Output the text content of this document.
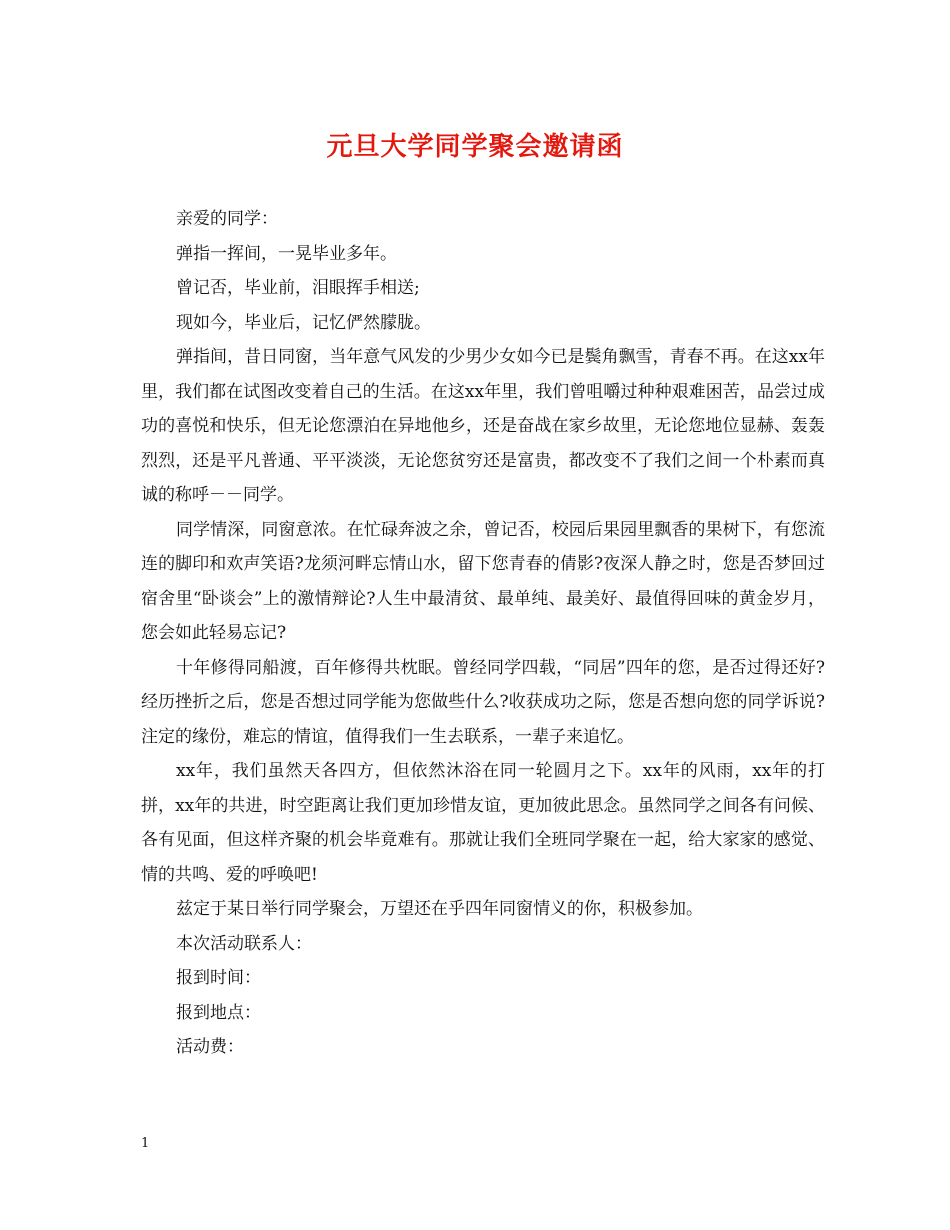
元旦大学同学聚会邀请函

亲爱的同学：

弹指一挥间，一晃毕业多年。

曾记否，毕业前，泪眼挥手相送;

现如今，毕业后，记忆俨然朦胧。

弹指间，昔日同窗，当年意气风发的少男少女如今已是鬓角飘雪，青春不再。在这xx年里，我们都在试图改变着自己的生活。在这xx年里，我们曾咀嚼过种种艰难困苦，品尝过成功的喜悦和快乐，但无论您漂泊在异地他乡，还是奋战在家乡故里，无论您地位显赫、轰轰烈烈，还是平凡普通、平平淡淡，无论您贫穷还是富贵，都改变不了我们之间一个朴素而真诚的称呼－－同学。

同学情深，同窗意浓。在忙碌奔波之余，曾记否，校园后果园里飘香的果树下，有您流连的脚印和欢声笑语?龙须河畔忘情山水，留下您青春的倩影?夜深人静之时，您是否梦回过宿舍里“卧谈会”上的激情辩论?人生中最清贫、最单纯、最美好、最值得回味的黄金岁月，您会如此轻易忘记?

十年修得同船渡，百年修得共枕眠。曾经同学四载，“同居”四年的您，是否过得还好?经历挫折之后，您是否想过同学能为您做些什么?收获成功之际，您是否想向您的同学诉说?注定的缘份，难忘的情谊，值得我们一生去联系，一辈子来追忆。

xx年，我们虽然天各四方，但依然沐浴在同一轮圆月之下。xx年的风雨，xx年的打拼，xx年的共进，时空距离让我们更加珍惜友谊，更加彼此思念。虽然同学之间各有问候、各有见面，但这样齐聚的机会毕竟难有。那就让我们全班同学聚在一起，给大家家的感觉、情的共鸣、爱的呼唤吧!

兹定于某日举行同学聚会，万望还在乎四年同窗情义的你，积极参加。

本次活动联系人：

报到时间：

报到地点：

活动费：

1
